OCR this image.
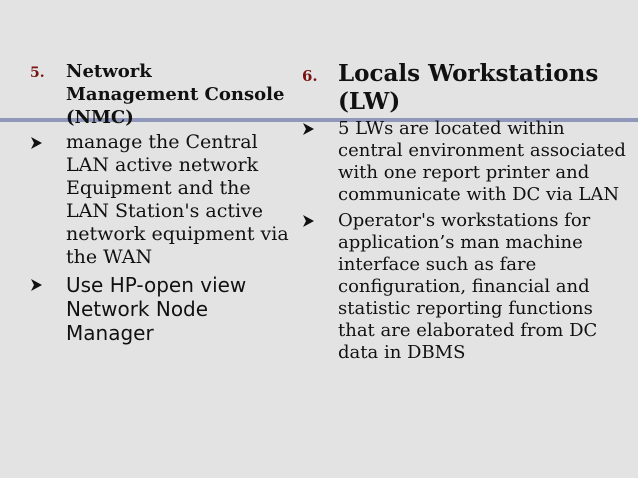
5. Network Management Console (NMC)
manage the Central LAN active network Equipment and the LAN Station's active network equipment via the WAN
Use HP-open view Network Node Manager
6. Locals Workstations (LW)
5 LWs are located within central environment associated with one report printer and communicate with DC via LAN
Operator's workstations for application’s man machine interface such as fare configuration, financial and statistic reporting functions that are elaborated from DC data in DBMS
